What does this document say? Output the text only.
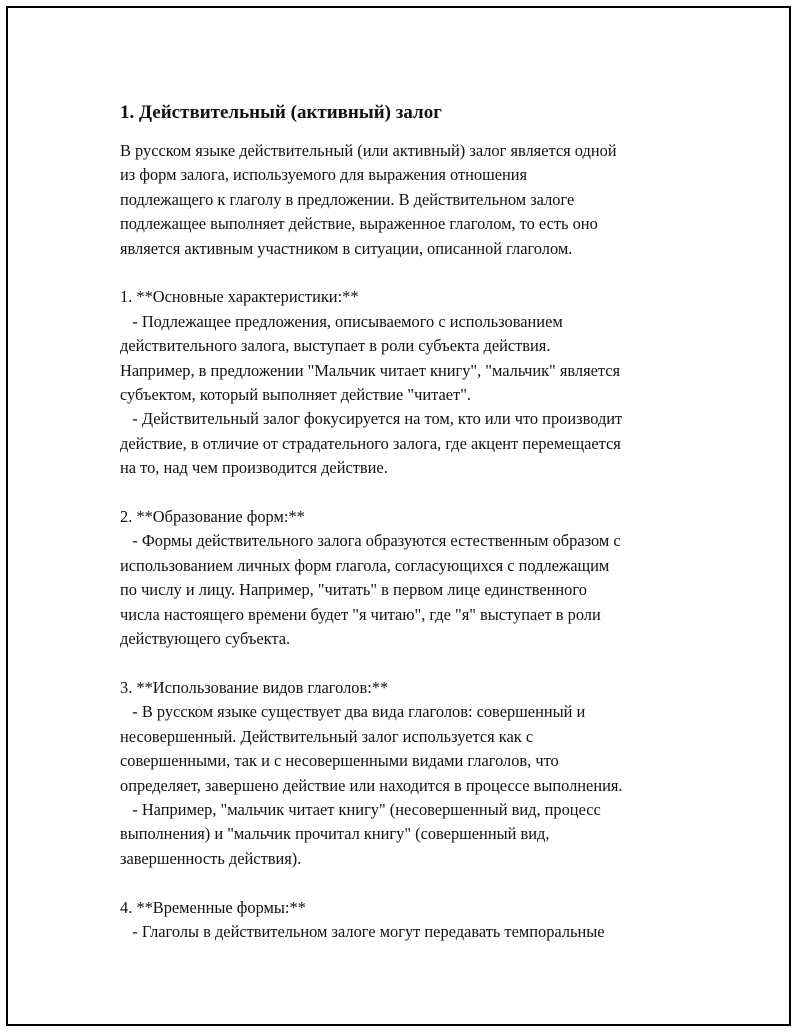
1. Действительный (активный) залог
В русском языке действительный (или активный) залог является одной
из форм залога, используемого для выражения отношения
подлежащего к глаголу в предложении. В действительном залоге
подлежащее выполняет действие, выраженное глаголом, то есть оно
является активным участником в ситуации, описанной глаголом.
1. **Основные характеристики:**
- Подлежащее предложения, описываемого с использованием
действительного залога, выступает в роли субъекта действия.
Например, в предложении "Мальчик читает книгу", "мальчик" является
субъектом, который выполняет действие "читает".
- Действительный залог фокусируется на том, кто или что производит
действие, в отличие от страдательного залога, где акцент перемещается
на то, над чем производится действие.
2. **Образование форм:**
- Формы действительного залога образуются естественным образом с
использованием личных форм глагола, согласующихся с подлежащим
по числу и лицу. Например, "читать" в первом лице единственного
числа настоящего времени будет "я читаю", где "я" выступает в роли
действующего субъекта.
3. **Использование видов глаголов:**
- В русском языке существует два вида глаголов: совершенный и
несовершенный. Действительный залог используется как с
совершенными, так и с несовершенными видами глаголов, что
определяет, завершено действие или находится в процессе выполнения.
- Например, "мальчик читает книгу" (несовершенный вид, процесс
выполнения) и "мальчик прочитал книгу" (совершенный вид,
завершенность действия).
4. **Временные формы:**
- Глаголы в действительном залоге могут передавать темпоральные
